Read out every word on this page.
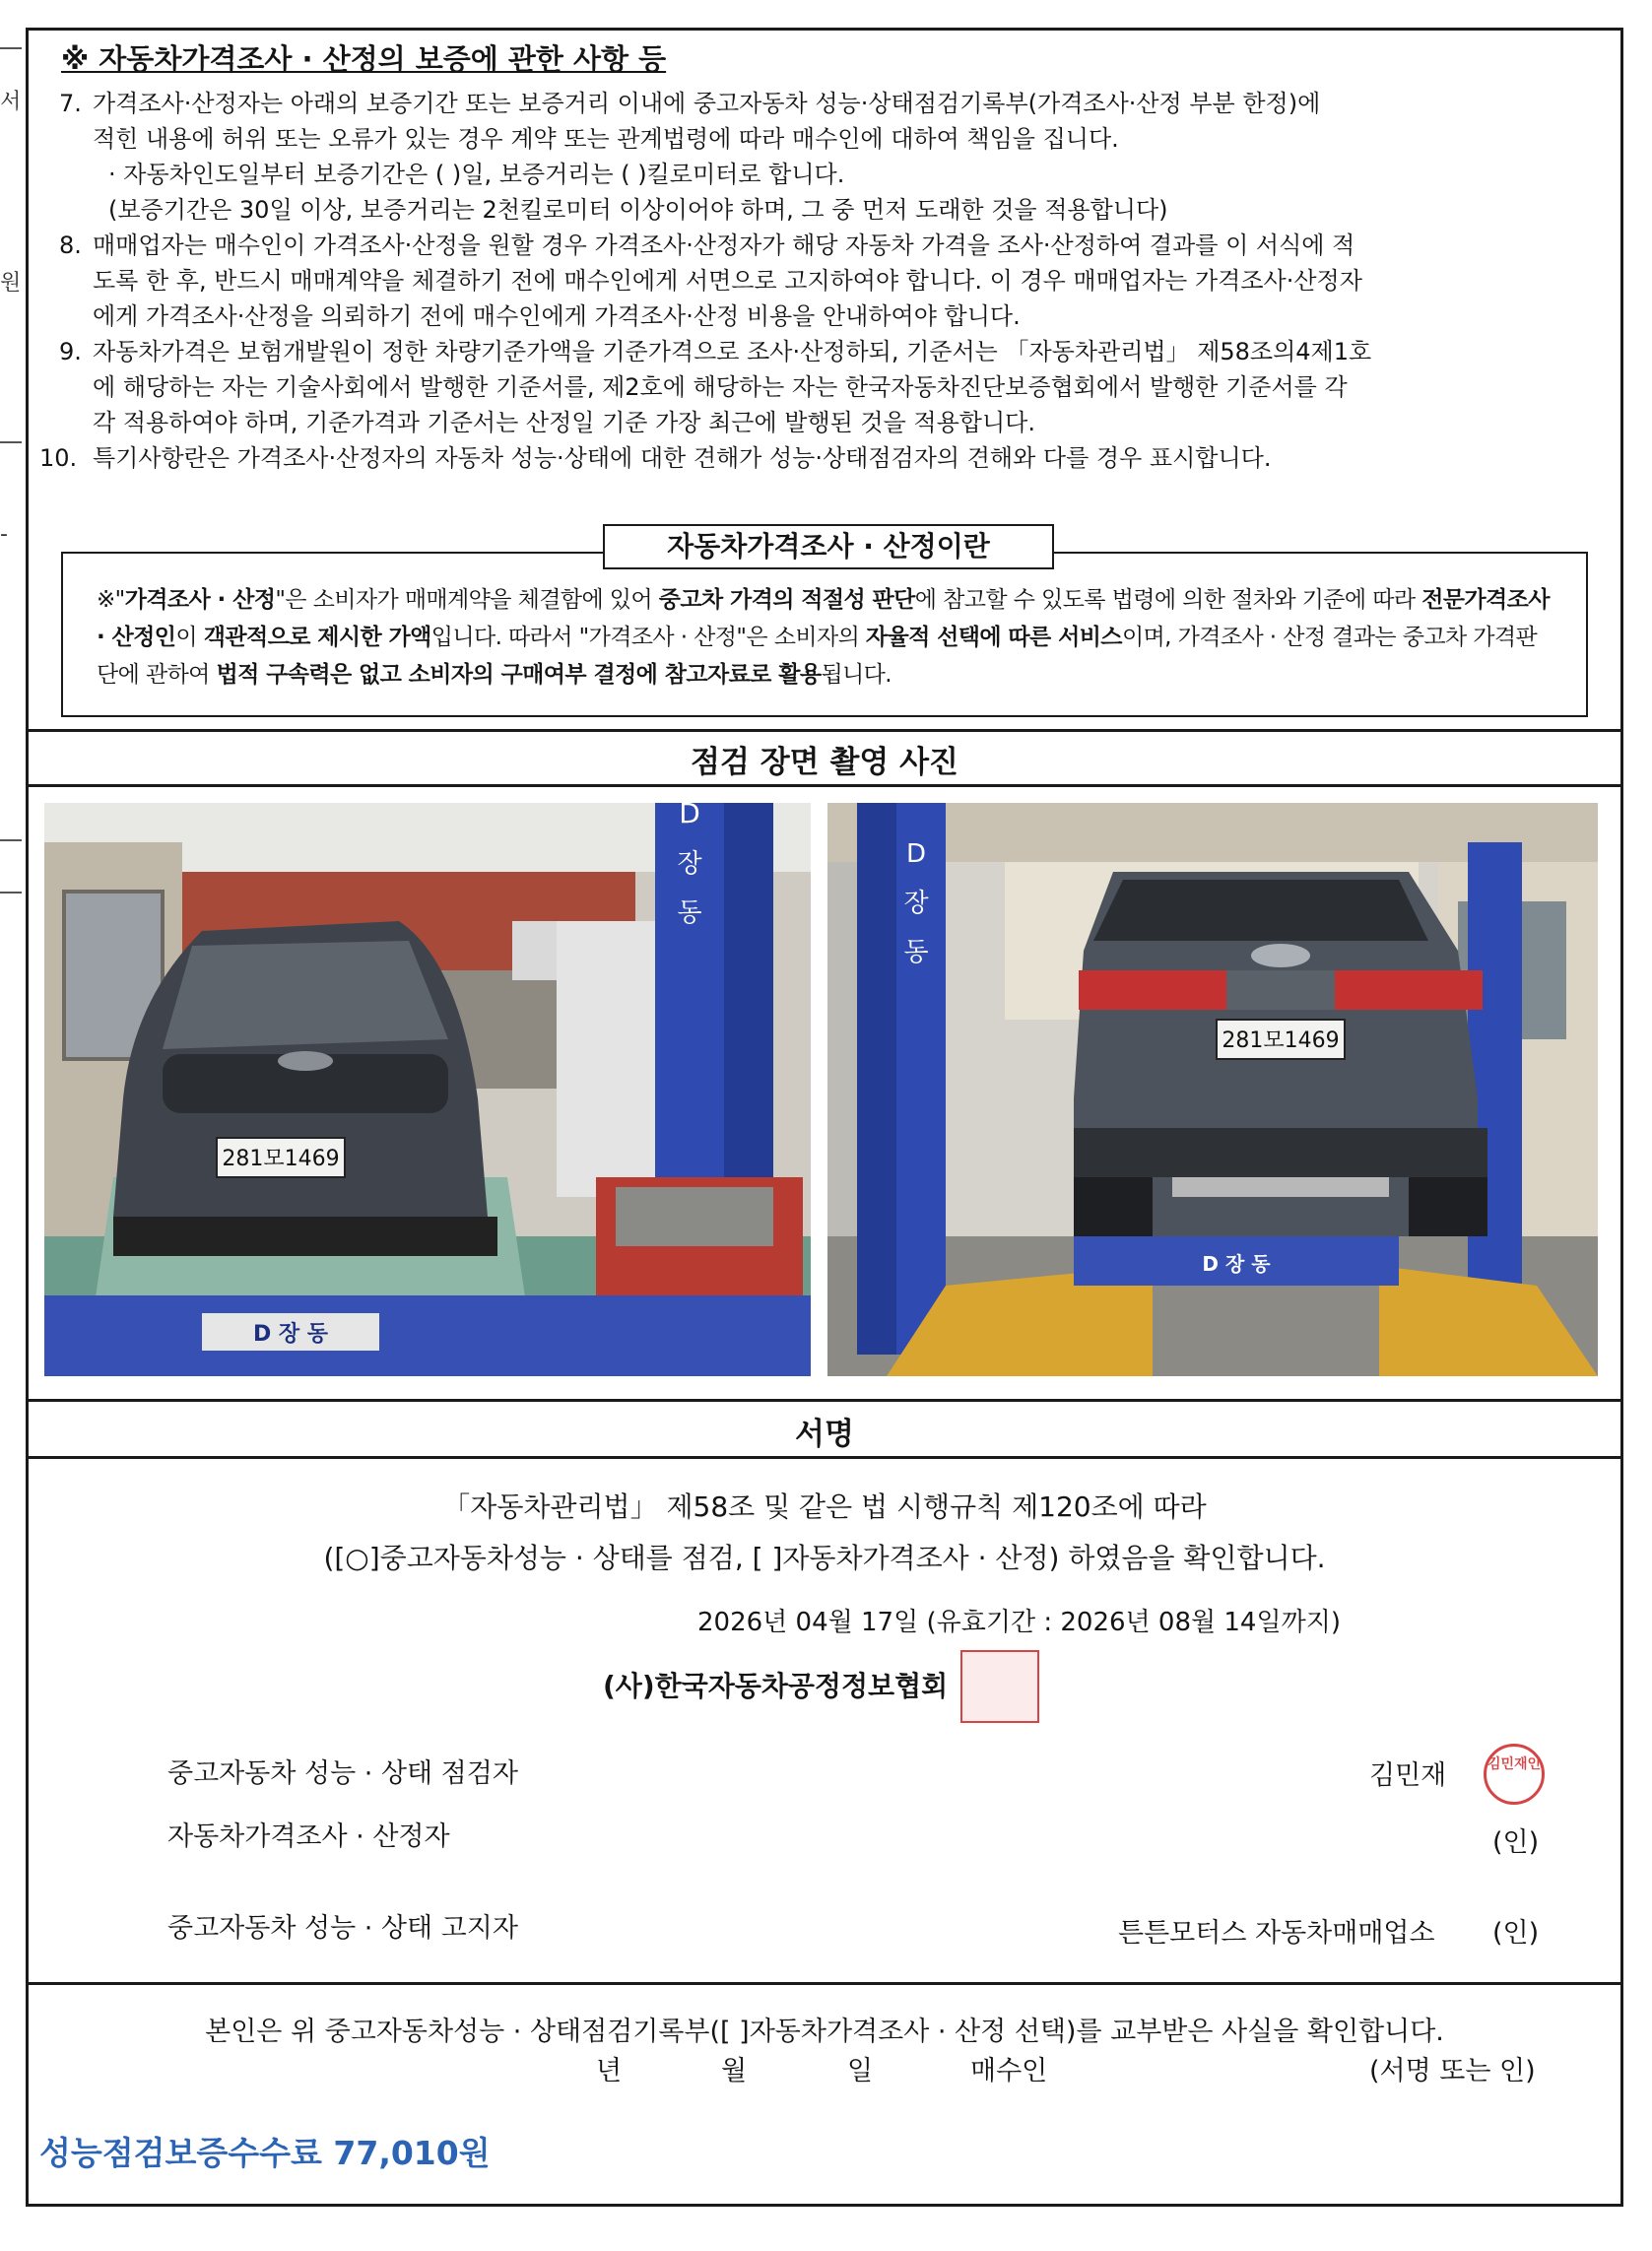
서
원
-
※ 자동차가격조사 · 산정의 보증에 관한 사항 등
7. 가격조사·산정자는 아래의 보증기간 또는 보증거리 이내에 중고자동차 성능·상태점검기록부(가격조사·산정 부분 한정)에
적힌 내용에 허위 또는 오류가 있는 경우 계약 또는 관계법령에 따라 매수인에 대하여 책임을 집니다.
· 자동차인도일부터 보증기간은 ( )일, 보증거리는 ( )킬로미터로 합니다.
(보증기간은 30일 이상, 보증거리는 2천킬로미터 이상이어야 하며, 그 중 먼저 도래한 것을 적용합니다)
8. 매매업자는 매수인이 가격조사·산정을 원할 경우 가격조사·산정자가 해당 자동차 가격을 조사·산정하여 결과를 이 서식에 적
도록 한 후, 반드시 매매계약을 체결하기 전에 매수인에게 서면으로 고지하여야 합니다. 이 경우 매매업자는 가격조사·산정자
에게 가격조사·산정을 의뢰하기 전에 매수인에게 가격조사·산정 비용을 안내하여야 합니다.
9. 자동차가격은 보험개발원이 정한 차량기준가액을 기준가격으로 조사·산정하되, 기준서는 「자동차관리법」 제58조의4제1호
에 해당하는 자는 기술사회에서 발행한 기준서를, 제2호에 해당하는 자는 한국자동차진단보증협회에서 발행한 기준서를 각
각 적용하여야 하며, 기준가격과 기준서는 산정일 기준 가장 최근에 발행된 것을 적용합니다.
10. 특기사항란은 가격조사·산정자의 자동차 성능·상태에 대한 견해가 성능·상태점검자의 견해와 다를 경우 표시합니다.
자동차가격조사 · 산정이란
※"가격조사 · 산정"은 소비자가 매매계약을 체결함에 있어 중고차 가격의 적절성 판단에 참고할 수 있도록 법령에 의한 절차와 기준에 따라 전문가격조사 · 산정인이 객관적으로 제시한 가액입니다. 따라서 "가격조사 · 산정"은 소비자의 자율적 선택에 따른 서비스이며, 가격조사 · 산정 결과는 중고차 가격판단에 관하여 법적 구속력은 없고 소비자의 구매여부 결정에 참고자료로 활용됩니다.
점검 장면 촬영 사진
281모1469
D
장
동
D 장 동
D
장
동
281모1469
D 장 동
서명
「자동차관리법」 제58조 및 같은 법 시행규칙 제120조에 따라
([○]중고자동차성능 · 상태를 점검, [ ]자동차가격조사 · 산정) 하였음을 확인합니다.
2026년 04월 17일 (유효기간 : 2026년 08월 14일까지)
(사)한국자동차공정정보협회
중고자동차 성능 · 상태 점검자	김민재	김민재인
자동차가격조사 · 산정자	(인)
중고자동차 성능 · 상태 고지자	튼튼모터스 자동차매매업소 (인)
본인은 위 중고자동차성능 · 상태점검기록부([ ]자동차가격조사 · 산정 선택)를 교부받은 사실을 확인합니다.
년	월	일	매수인	(서명 또는 인)
성능점검보증수수료 77,010원
